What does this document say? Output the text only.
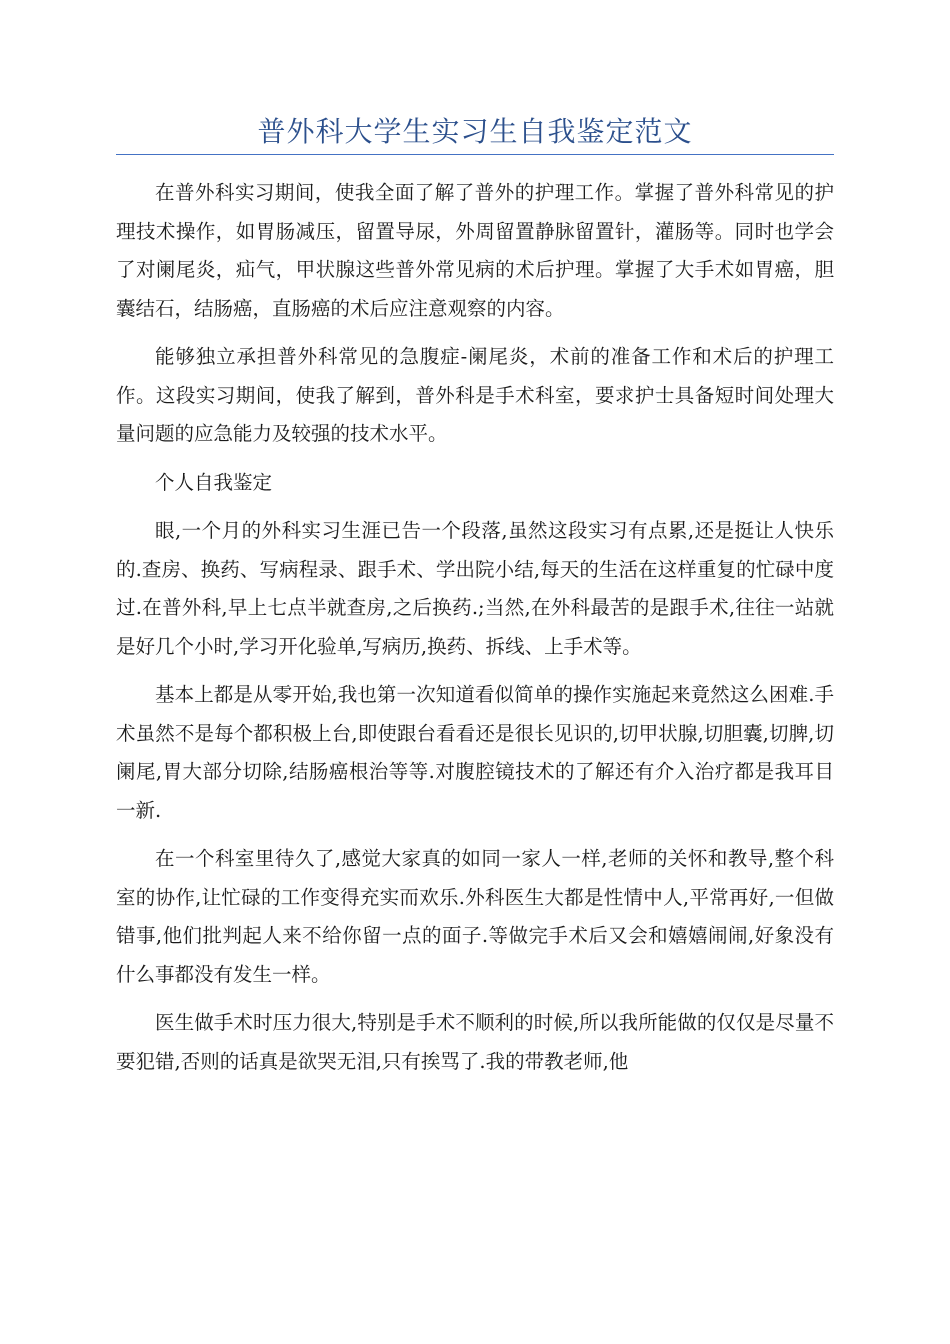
普外科大学生实习生自我鉴定范文

在普外科实习期间，使我全面了解了普外的护理工作。掌握了普外科常见的护理技术操作，如胃肠减压，留置导尿，外周留置静脉留置针，灌肠等。同时也学会了对阑尾炎，疝气，甲状腺这些普外常见病的术后护理。掌握了大手术如胃癌，胆囊结石，结肠癌，直肠癌的术后应注意观察的内容。

能够独立承担普外科常见的急腹症-阑尾炎，术前的准备工作和术后的护理工作。这段实习期间，使我了解到，普外科是手术科室，要求护士具备短时间处理大量问题的应急能力及较强的技术水平。

个人自我鉴定

眼,一个月的外科实习生涯已告一个段落,虽然这段实习有点累,还是挺让人快乐的.查房、换药、写病程录、跟手术、学出院小结,每天的生活在这样重复的忙碌中度过.在普外科,早上七点半就查房,之后换药.;当然,在外科最苦的是跟手术,往往一站就是好几个小时,学习开化验单,写病历,换药、拆线、上手术等。

基本上都是从零开始,我也第一次知道看似简单的操作实施起来竟然这么困难.手术虽然不是每个都积极上台,即使跟台看看还是很长见识的,切甲状腺,切胆囊,切脾,切阑尾,胃大部分切除,结肠癌根治等等.对腹腔镜技术的了解还有介入治疗都是我耳目一新.

在一个科室里待久了,感觉大家真的如同一家人一样,老师的关怀和教导,整个科室的协作,让忙碌的工作变得充实而欢乐.外科医生大都是性情中人,平常再好,一但做错事,他们批判起人来不给你留一点的面子.等做完手术后又会和嬉嬉闹闹,好象没有什么事都没有发生一样。

医生做手术时压力很大,特别是手术不顺利的时候,所以我所能做的仅仅是尽量不要犯错,否则的话真是欲哭无泪,只有挨骂了.我的带教老师,他
